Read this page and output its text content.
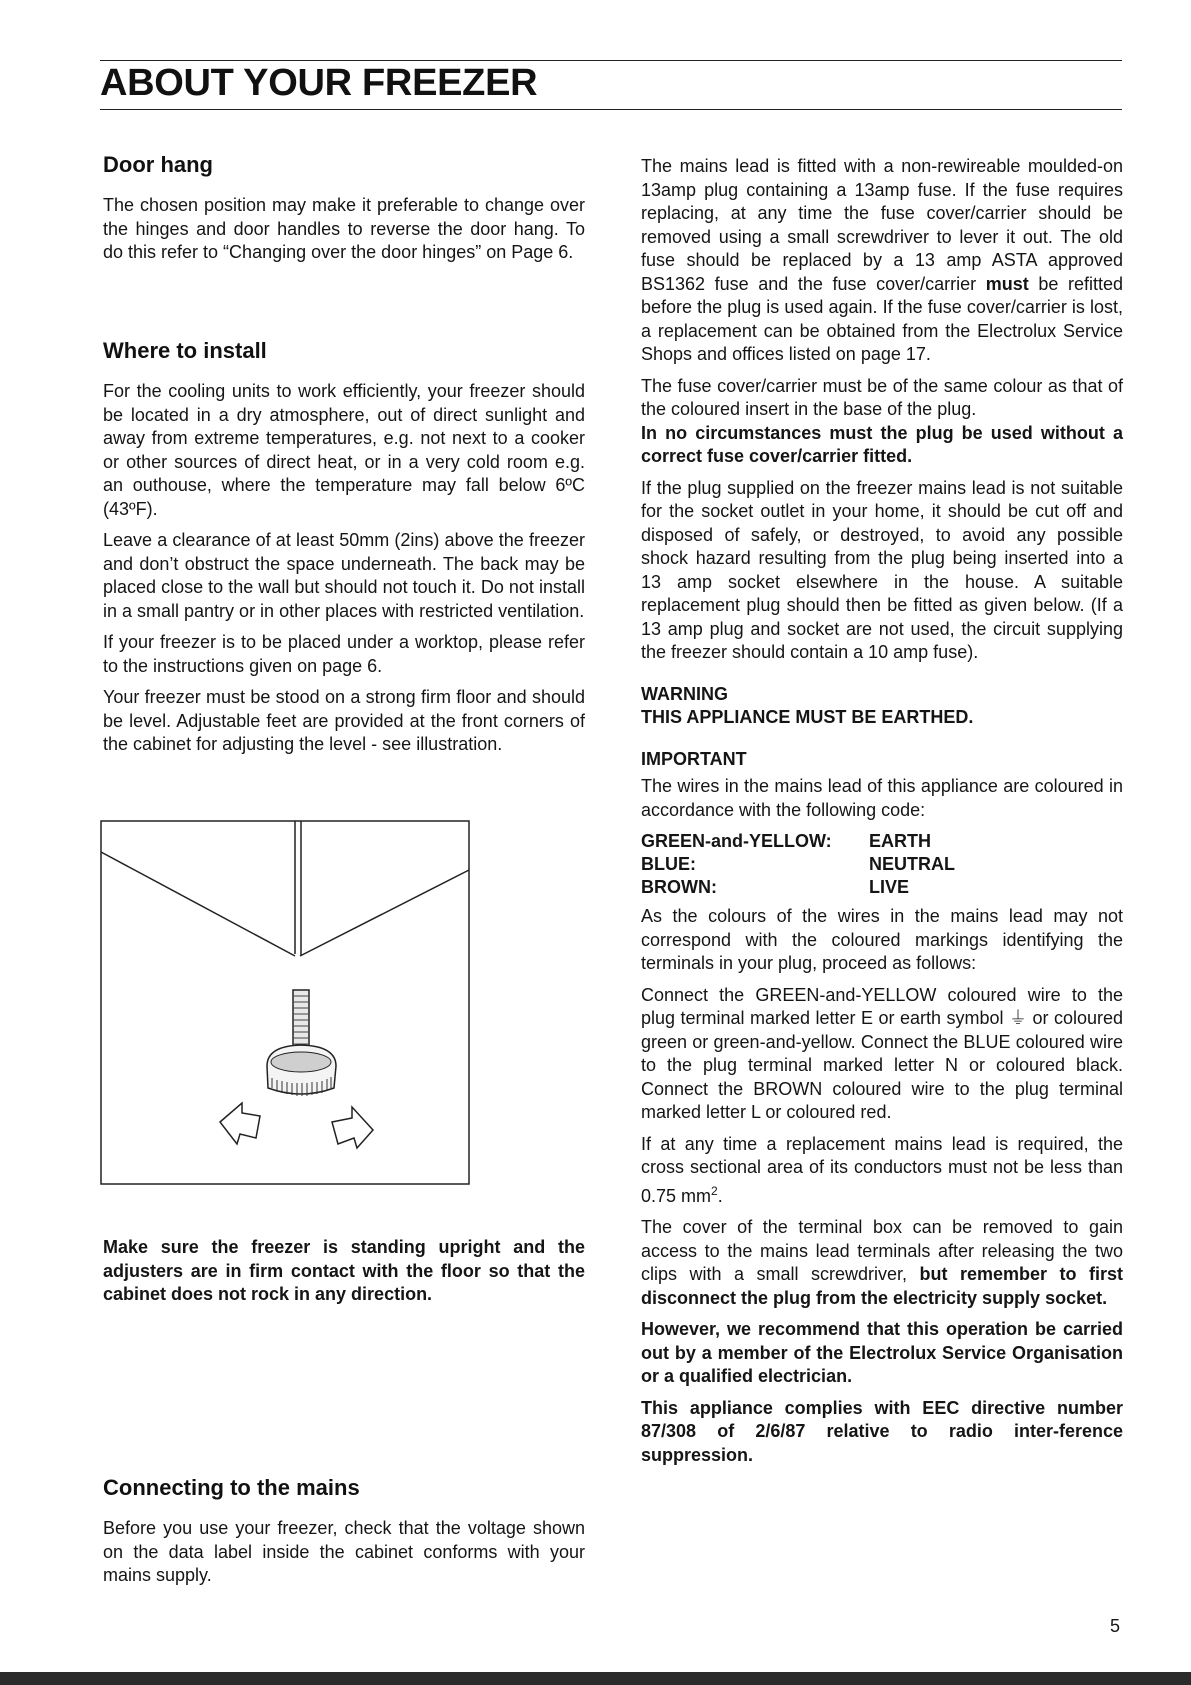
ABOUT YOUR FREEZER
Door hang

The chosen position may make it preferable to change over the hinges and door handles to reverse the door hang. To do this refer to “Changing over the door hinges” on Page 6.

Where to install

For the cooling units to work efficiently, your freezer should be located in a dry atmosphere, out of direct sunlight and away from extreme temperatures, e.g. not next to a cooker or other sources of direct heat, or in a very cold room e.g. an outhouse, where the temperature may fall below 6ºC (43ºF).

Leave a clearance of at least 50mm (2ins) above the freezer and don’t obstruct the space underneath. The back may be placed close to the wall but should not touch it. Do not install in a small pantry or in other places with restricted ventilation.

If your freezer is to be placed under a worktop, please refer to the instructions given on page 6.

Your freezer must be stood on a strong firm floor and should be level. Adjustable feet are provided at the front corners of the cabinet for adjusting the level - see illustration.

Make sure the freezer is standing upright and the adjusters are in firm contact with the floor so that the cabinet does not rock in any direction.

Connecting to the mains

Before you use your freezer, check that the voltage shown on the data label inside the cabinet conforms with your mains supply.

The mains lead is fitted with a non-rewireable moulded-on 13amp plug containing a 13amp fuse. If the fuse requires replacing, at any time the fuse cover/carrier should be removed using a small screwdriver to lever it out. The old fuse should be replaced by a 13 amp ASTA approved BS1362 fuse and the fuse cover/carrier must be refitted before the plug is used again. If the fuse cover/carrier is lost, a replacement can be obtained from the Electrolux Service Shops and offices listed on page 17.

The fuse cover/carrier must be of the same colour as that of the coloured insert in the base of the plug.

In no circumstances must the plug be used without a correct fuse cover/carrier fitted.

If the plug supplied on the freezer mains lead is not suitable for the socket outlet in your home, it should be cut off and disposed of safely, or destroyed, to avoid any possible shock hazard resulting from the plug being inserted into a 13 amp socket elsewhere in the house. A suitable replacement plug should then be fitted as given below. (If a 13 amp plug and socket are not used, the circuit supplying the freezer should contain a 10 amp fuse).

WARNING

THIS APPLIANCE MUST BE EARTHED.

IMPORTANT

The wires in the mains lead of this appliance are coloured in accordance with the following code:

GREEN-and-YELLOW:	EARTH
BLUE:	NEUTRAL
BROWN:	LIVE

As the colours of the wires in the mains lead may not correspond with the coloured markings identifying the terminals in your plug, proceed as follows:

Connect the GREEN-and-YELLOW coloured wire to the plug terminal marked letter E or earth symbol ⏚ or coloured green or green-and-yellow. Connect the BLUE coloured wire to the plug terminal marked letter N or coloured black. Connect the BROWN coloured wire to the plug terminal marked letter L or coloured red.

If at any time a replacement mains lead is required, the cross sectional area of its conductors must not be less than 0.75 $mm^2$.

The cover of the terminal box can be removed to gain access to the mains lead terminals after releasing the two clips with a small screwdriver, but remember to first disconnect the plug from the electricity supply socket.

However, we recommend that this operation be carried out by a member of the Electrolux Service Organisation or a qualified electrician.

This appliance complies with EEC directive number 87/308 of 2/6/87 relative to radio inter-ference suppression.

5
